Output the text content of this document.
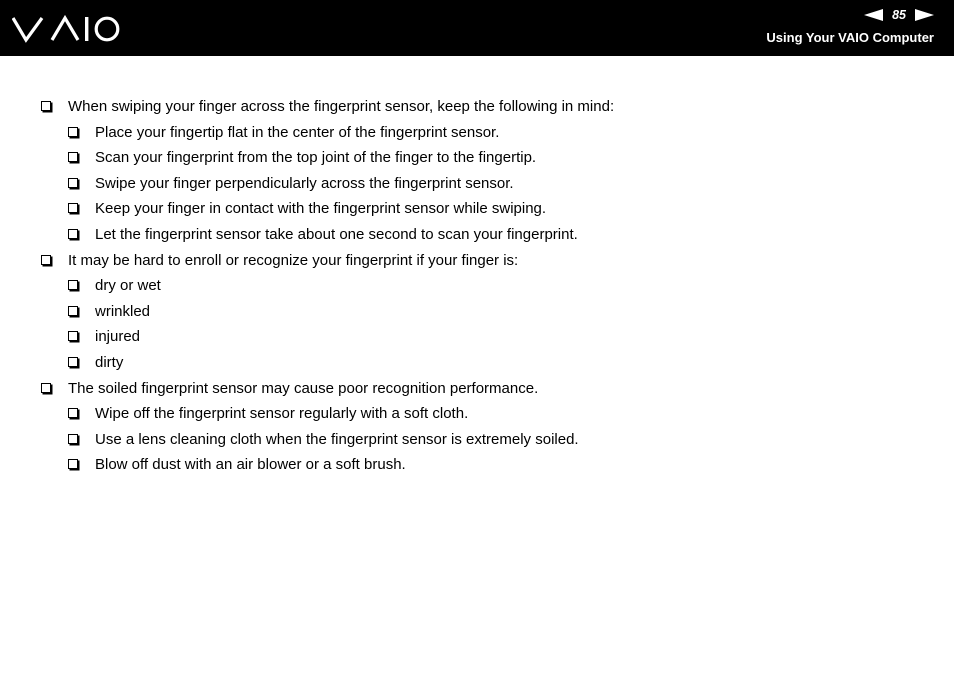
85
Using Your VAIO Computer
When swiping your finger across the fingerprint sensor, keep the following in mind:
Place your fingertip flat in the center of the fingerprint sensor.
Scan your fingerprint from the top joint of the finger to the fingertip.
Swipe your finger perpendicularly across the fingerprint sensor.
Keep your finger in contact with the fingerprint sensor while swiping.
Let the fingerprint sensor take about one second to scan your fingerprint.
It may be hard to enroll or recognize your fingerprint if your finger is:
dry or wet
wrinkled
injured
dirty
The soiled fingerprint sensor may cause poor recognition performance.
Wipe off the fingerprint sensor regularly with a soft cloth.
Use a lens cleaning cloth when the fingerprint sensor is extremely soiled.
Blow off dust with an air blower or a soft brush.
